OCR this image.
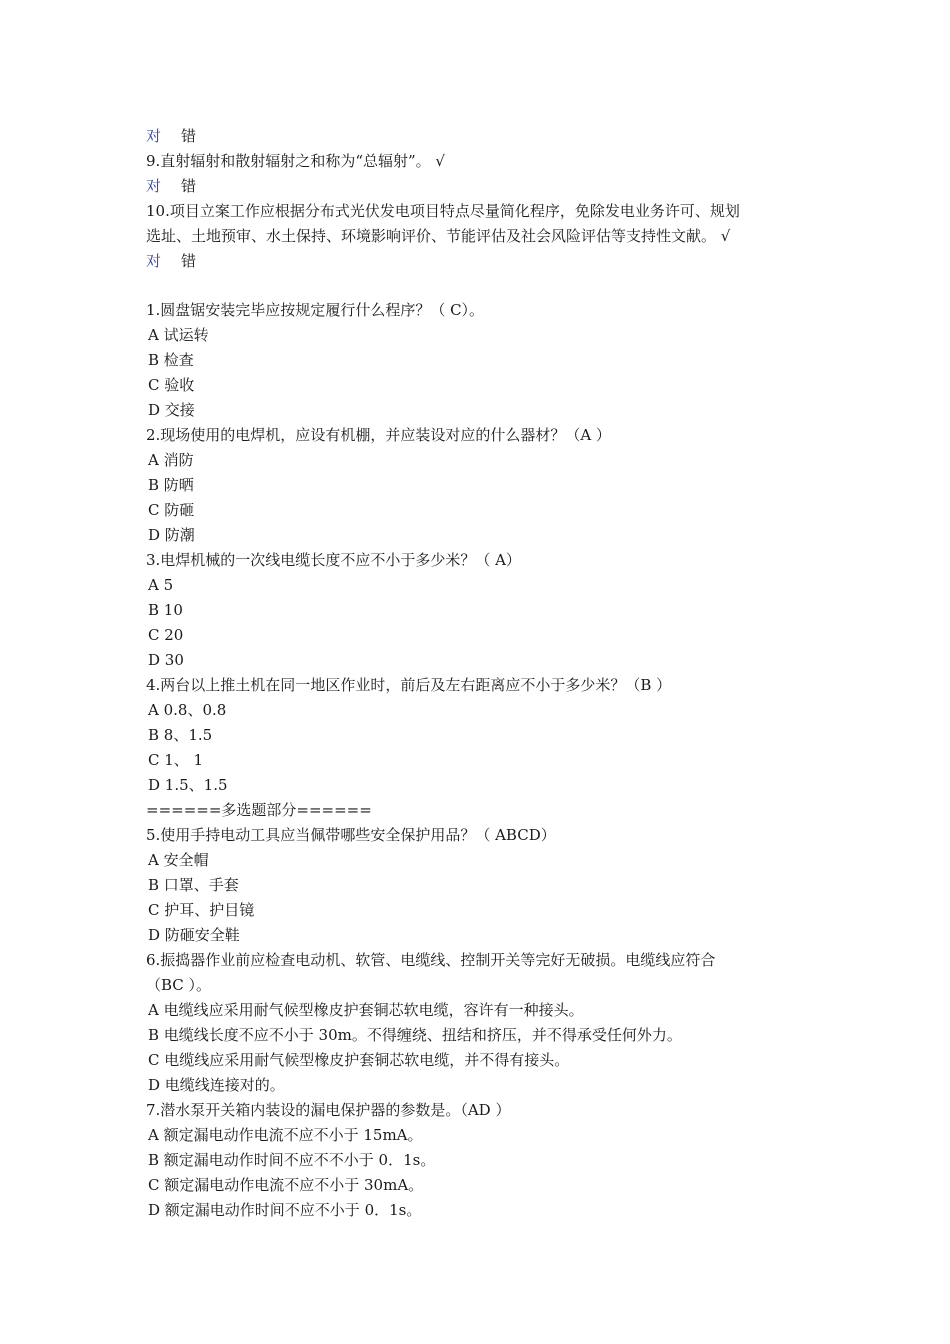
对 错
9.直射辐射和散射辐射之和称为“总辐射”。 √
对 错
10.项目立案工作应根据分布式光伏发电项目特点尽量简化程序，免除发电业务许可、规划
选址、土地预审、水土保持、环境影响评价、节能评估及社会风险评估等支持性文献。 √
对 错
1.圆盘锯安装完毕应按规定履行什么程序？（ C）。
A 试运转
B 检查
C 验收
D 交接
2.现场使用的电焊机，应设有机棚，并应装设对应的什么器材？（A ）
A 消防
B 防晒
C 防砸
D 防潮
3.电焊机械的一次线电缆长度不应不小于多少米？（ A）
A 5
B 10
C 20
D 30
4.两台以上推土机在同一地区作业时，前后及左右距离应不小于多少米？（B ）
A 0.8、0.8
B 8、1.5
C 1、 1
D 1.5、1.5
======多选题部分======
5.使用手持电动工具应当佩带哪些安全保护用品？（ ABCD）
A 安全帽
B 口罩、手套
C 护耳、护目镜
D 防砸安全鞋
6.振捣器作业前应检查电动机、软管、电缆线、控制开关等完好无破损。电缆线应符合
（BC ）。
A 电缆线应采用耐气候型橡皮护套铜芯软电缆，容许有一种接头。
B 电缆线长度不应不小于 30m。不得缠绕、扭结和挤压，并不得承受任何外力。
C 电缆线应采用耐气候型橡皮护套铜芯软电缆，并不得有接头。
D 电缆线连接对的。
7.潜水泵开关箱内装设的漏电保护器的参数是。（AD ）
A 额定漏电动作电流不应不小于 15mA。
B 额定漏电动作时间不应不不小于 0．1s。
C 额定漏电动作电流不应不小于 30mA。
D 额定漏电动作时间不应不小于 0．1s。
